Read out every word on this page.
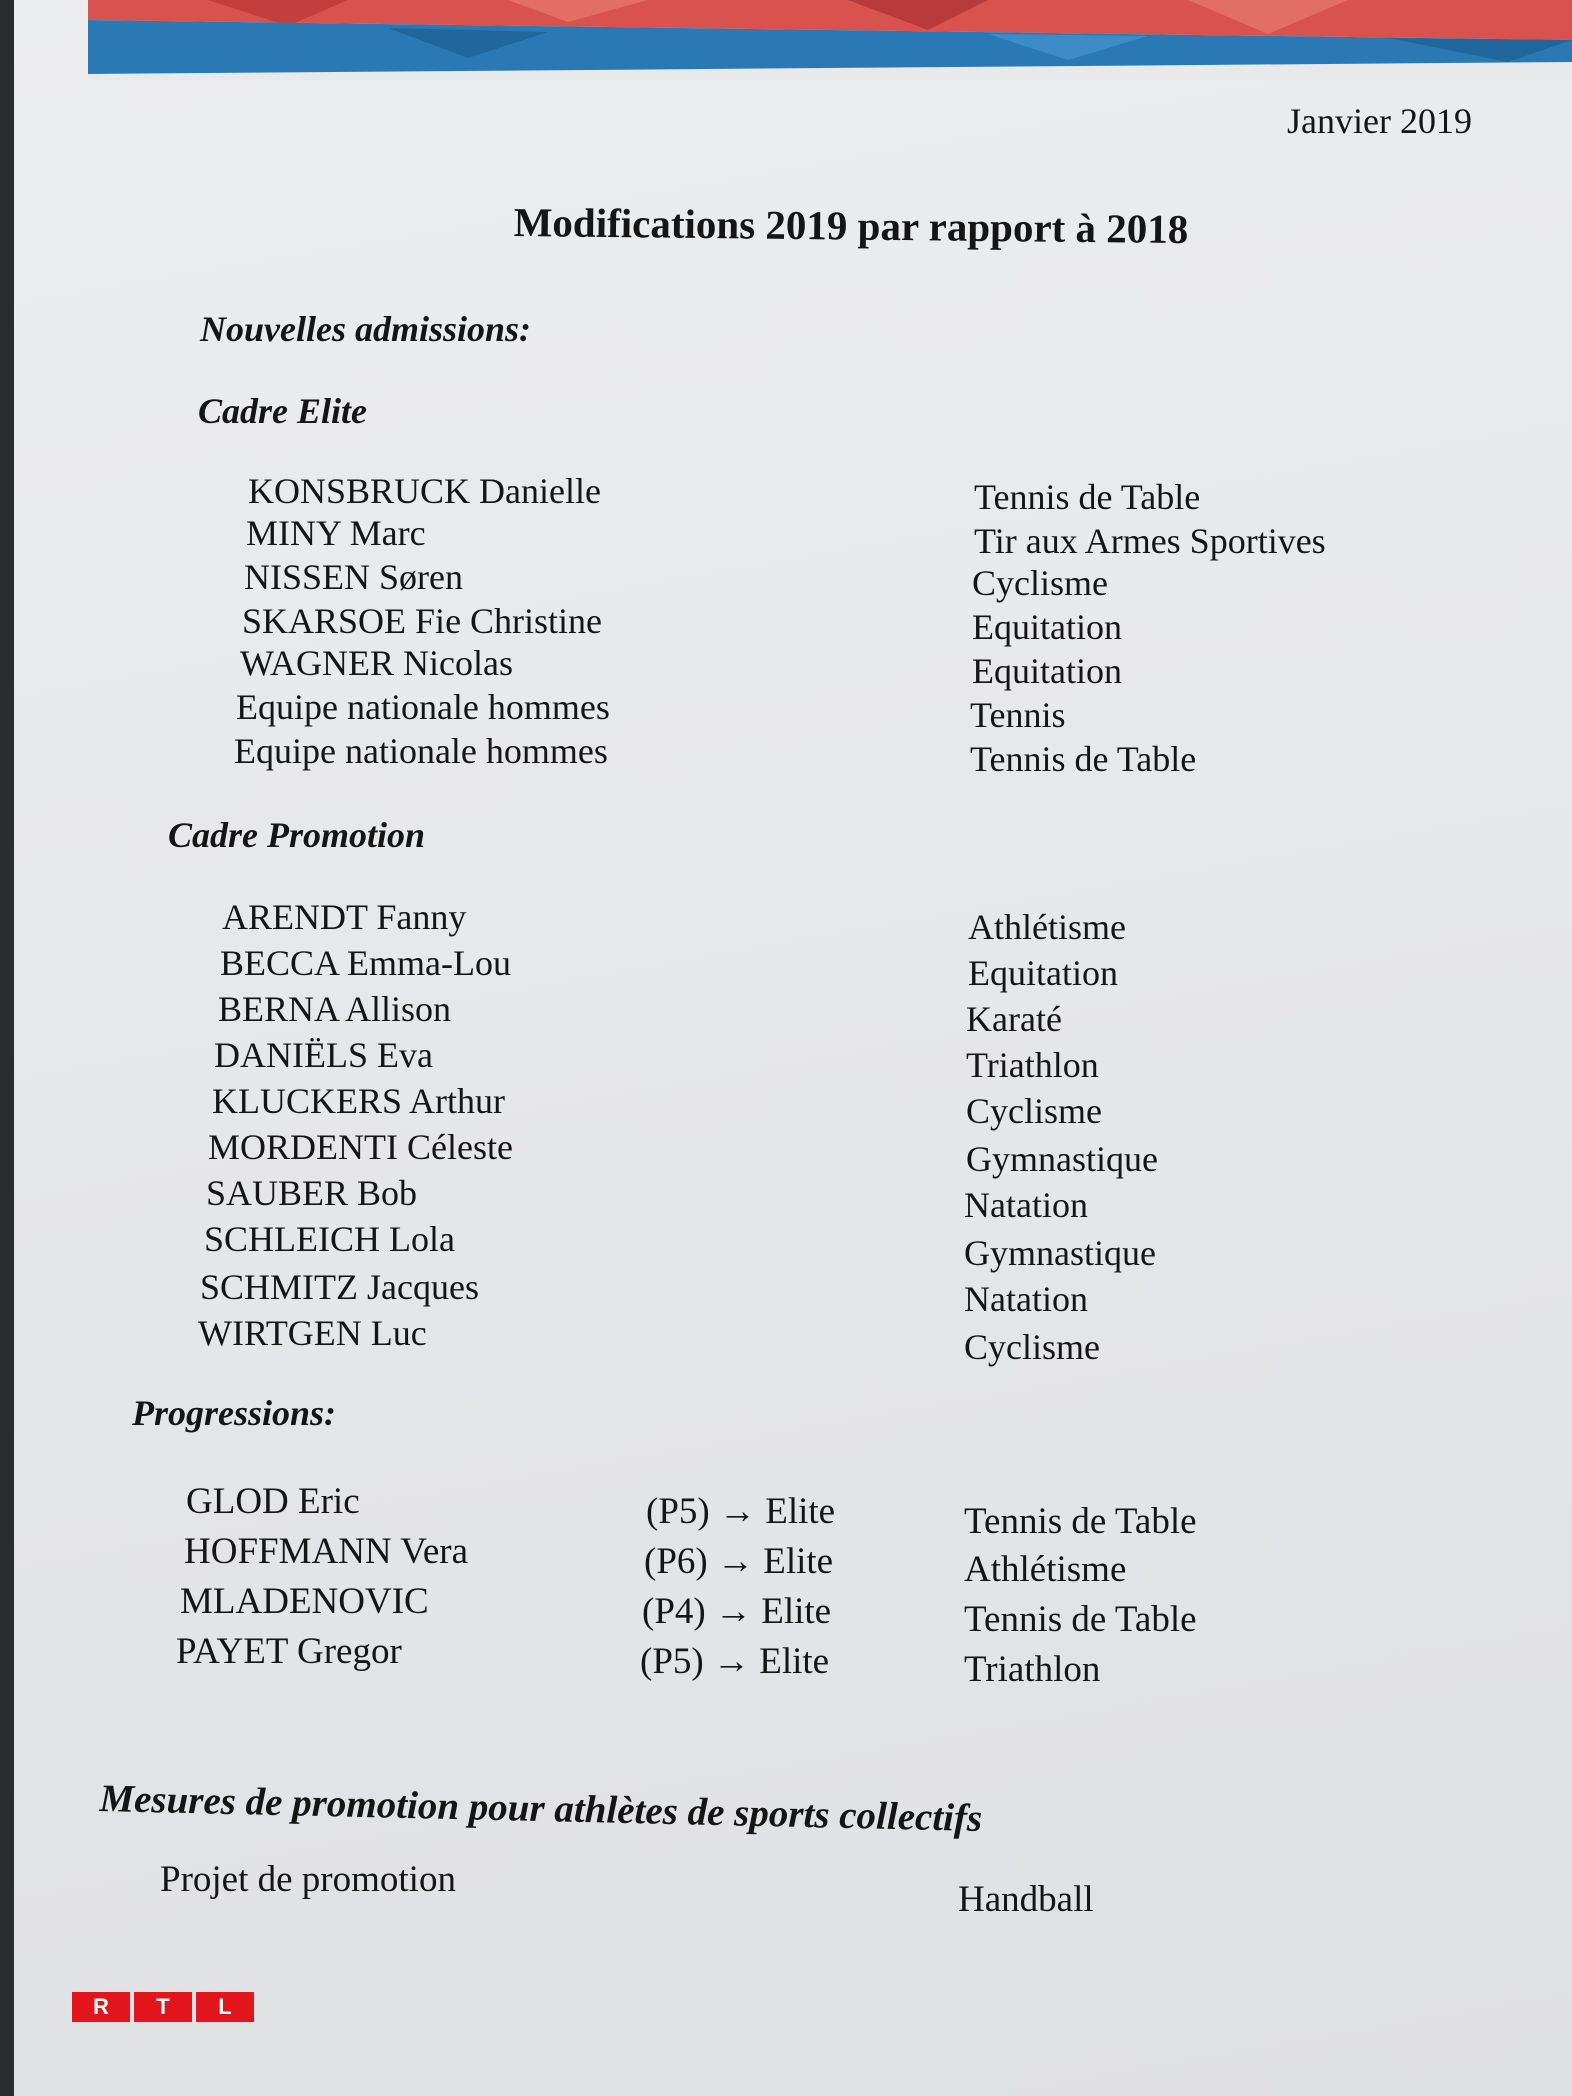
Janvier 2019
Modifications 2019 par rapport à 2018
Nouvelles admissions:
Cadre Elite
KONSBRUCK Danielle	Tennis de Table
MINY Marc	Tir aux Armes Sportives
NISSEN Søren	Cyclisme
SKARSOE Fie Christine	Equitation
WAGNER Nicolas	Equitation
Equipe nationale hommes	Tennis
Equipe nationale hommes	Tennis de Table
Cadre Promotion
ARENDT Fanny	Athlétisme
BECCA Emma-Lou	Equitation
BERNA Allison	Karaté
DANIËLS Eva	Triathlon
KLUCKERS Arthur	Cyclisme
MORDENTI Céleste	Gymnastique
SAUBER Bob	Natation
SCHLEICH Lola	Gymnastique
SCHMITZ Jacques	Natation
WIRTGEN Luc	Cyclisme
Progressions:
GLOD Eric	(P5) → Elite	Tennis de Table
HOFFMANN Vera	(P6) → Elite	Athlétisme
MLADENOVIC	(P4) → Elite	Tennis de Table
PAYET Gregor	(P5) → Elite	Triathlon
Mesures de promotion pour athlètes de sports collectifs
Projet de promotion	Handball
R	T	L
